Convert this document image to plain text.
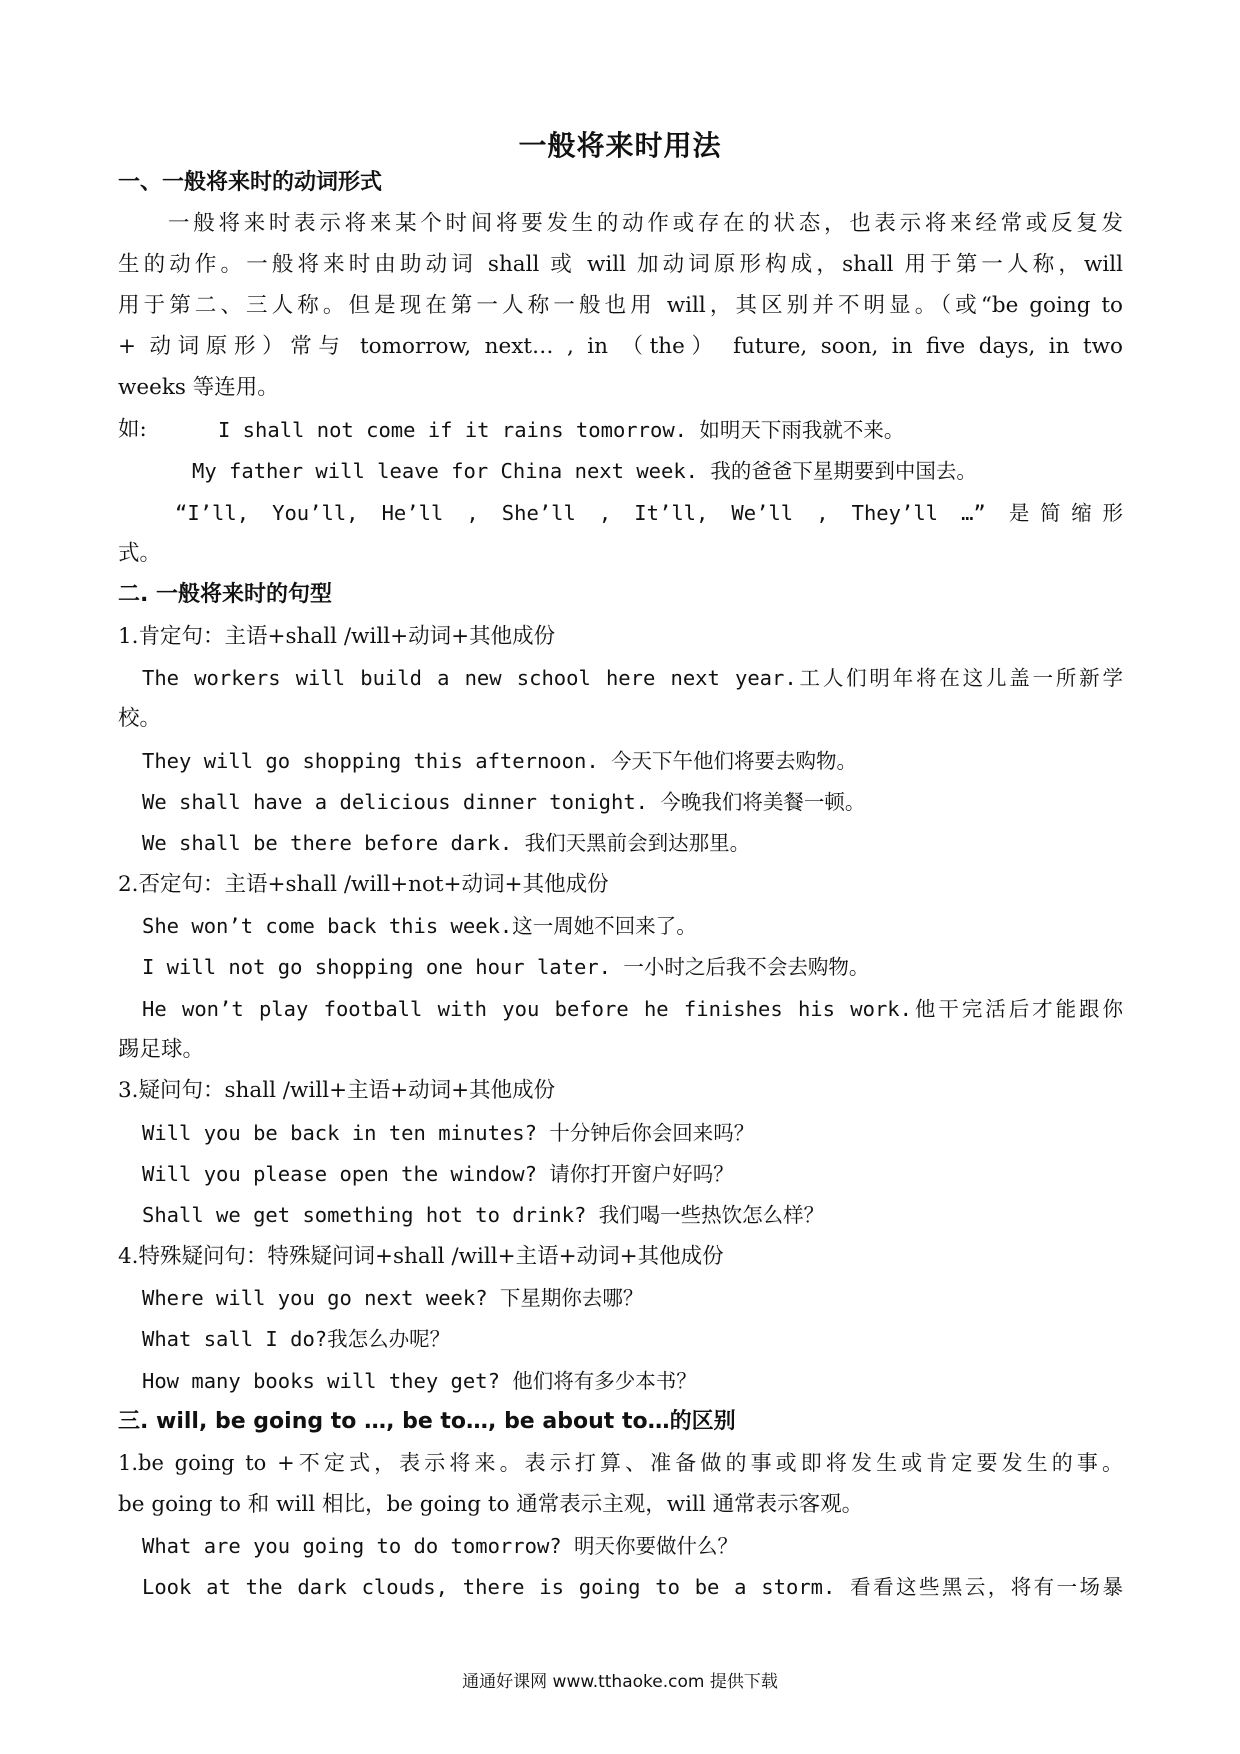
一般将来时用法
一、一般将来时的动词形式
一般将来时表示将来某个时间将要发生的动作或存在的状态，也表示将来经常或反复发
生的动作。一般将来时由助动词 shall 或 will 加动词原形构成，shall 用于第一人称，will
用于第二、三人称。但是现在第一人称一般也用 will，其区别并不明显。（或“be going to
+ 动词原形）常与 tomorrow, next… , in （the） future, soon, in five days, in two
weeks 等连用。
如:	I shall not come if it rains tomorrow. 如明天下雨我就不来。
My father will leave for China next week. 我的爸爸下星期要到中国去。
“I’ll, You’ll, He’ll , She’ll , It’ll, We’ll , They’ll …” 是简缩形
式。
二. 一般将来时的句型
1.肯定句：主语+shall /will+动词+其他成份
The workers will build a new school here next year.工人们明年将在这儿盖一所新学
校。
They will go shopping this afternoon. 今天下午他们将要去购物。
We shall have a delicious dinner tonight. 今晚我们将美餐一顿。
We shall be there before dark. 我们天黑前会到达那里。
2.否定句：主语+shall /will+not+动词+其他成份
She won’t come back this week.这一周她不回来了。
I will not go shopping one hour later. 一小时之后我不会去购物。
He won’t play football with you before he finishes his work.他干完活后才能跟你
踢足球。
3.疑问句：shall /will+主语+动词+其他成份
Will you be back in ten minutes? 十分钟后你会回来吗？
Will you please open the window? 请你打开窗户好吗？
Shall we get something hot to drink? 我们喝一些热饮怎么样？
4.特殊疑问句：特殊疑问词+shall /will+主语+动词+其他成份
Where will you go next week? 下星期你去哪？
What sall I do?我怎么办呢？
How many books will they get? 他们将有多少本书？
三. will, be going to …, be to…, be about to…的区别
1.be going to +不定式，表示将来。表示打算、准备做的事或即将发生或肯定要发生的事。
be going to 和 will 相比，be going to 通常表示主观，will 通常表示客观。
What are you going to do tomorrow? 明天你要做什么？
Look at the dark clouds, there is going to be a storm. 看看这些黑云，将有一场暴
通通好课网 www.tthaoke.com 提供下载
